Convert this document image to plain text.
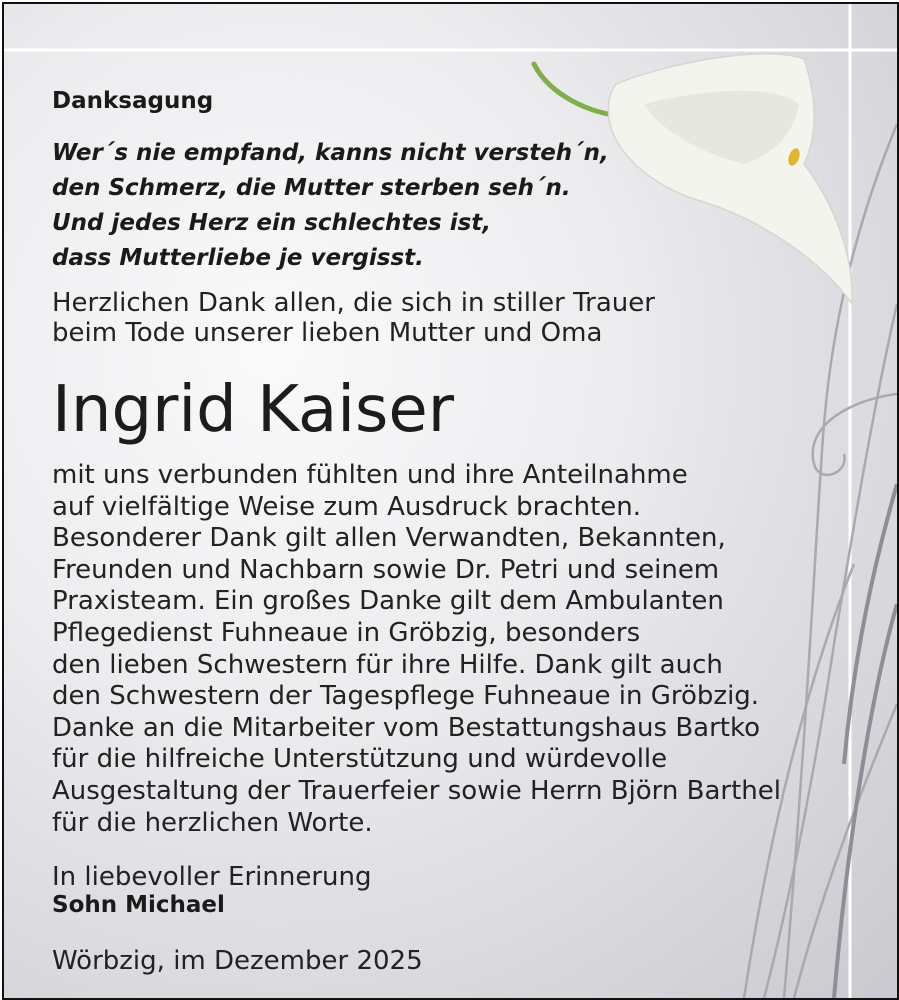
Danksagung

Wer´s nie empfand, kanns nicht versteh´n,
den Schmerz, die Mutter sterben seh´n.
Und jedes Herz ein schlechtes ist,
dass Mutterliebe je vergisst.
Herzlichen Dank allen, die sich in stiller Trauer
beim Tode unserer lieben Mutter und Oma
Ingrid Kaiser
mit uns verbunden fühlten und ihre Anteilnahme
auf vielfältige Weise zum Ausdruck brachten.
Besonderer Dank gilt allen Verwandten, Bekannten,
Freunden und Nachbarn sowie Dr. Petri und seinem
Praxisteam. Ein großes Danke gilt dem Ambulanten
Pflegedienst Fuhneaue in Gröbzig, besonders
den lieben Schwestern für ihre Hilfe. Dank gilt auch
den Schwestern der Tagespflege Fuhneaue in Gröbzig.
Danke an die Mitarbeiter vom Bestattungshaus Bartko
für die hilfreiche Unterstützung und würdevolle
Ausgestaltung der Trauerfeier sowie Herrn Björn Barthel
für die herzlichen Worte.
In liebevoller Erinnerung
Sohn Michael
Wörbzig, im Dezember 2025
